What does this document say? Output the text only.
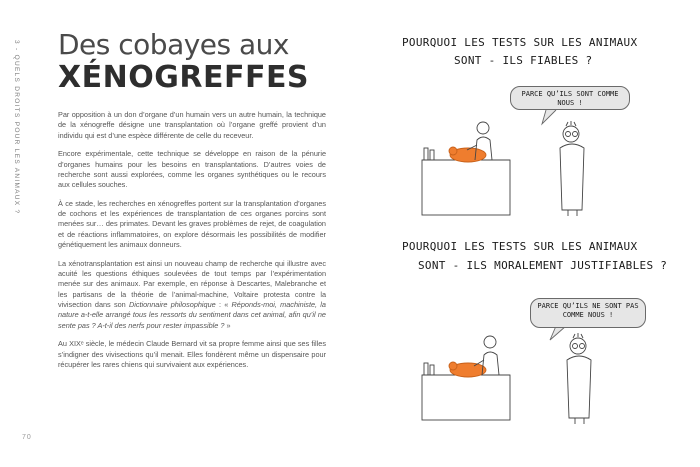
3 - QUELS DROITS POUR LES ANIMAUX ?
70
Des cobayes aux
XÉNOGREFFES

Par opposition à un don d’organe d’un humain vers un autre humain, la technique de la xénogreffe désigne une transplantation où l’organe greffé provient d’un individu qui est d’une espèce différente de celle du receveur.

Encore expérimentale, cette technique se développe en raison de la pénurie d’organes humains pour les besoins en transplantations. D’autres voies de recherche sont aussi explorées, comme les organes synthétiques ou le recours aux cellules souches.

À ce stade, les recherches en xénogreffes portent sur la transplantation d’organes de cochons et les expériences de transplantation de ces organes porcins sont menées sur… des primates. Devant les graves problèmes de rejet, de coagulation et de réactions inflammatoires, on explore désormais les possibilités de modifier génétiquement les animaux donneurs.

La xénotransplantation est ainsi un nouveau champ de recherche qui illustre avec acuité les questions éthiques soulevées de tout temps par l’expérimentation menée sur des animaux. Par exemple, en réponse à Descartes, Malebranche et les partisans de la théorie de l’animal-machine, Voltaire protesta contre la vivisection dans son Dictionnaire philosophique : « Réponds-moi, machiniste, la nature a-t-elle arrangé tous les ressorts du sentiment dans cet animal, afin qu’il ne sente pas ? A-t-il des nerfs pour rester impassible ? »

Au XIXᵉ siècle, le médecin Claude Bernard vit sa propre femme ainsi que ses filles s’indigner des vivisections qu’il menait. Elles fondèrent même un dispensaire pour récupérer les rares chiens qui survivaient aux expériences.

POURQUOI LES TESTS SUR LES ANIMAUX
SONT - ILS FIABLES ?
PARCE QU’ILS SONT COMME NOUS !
POURQUOI LES TESTS SUR LES ANIMAUX
SONT - ILS MORALEMENT JUSTIFIABLES ?
PARCE QU’ILS NE SONT PAS COMME NOUS !
